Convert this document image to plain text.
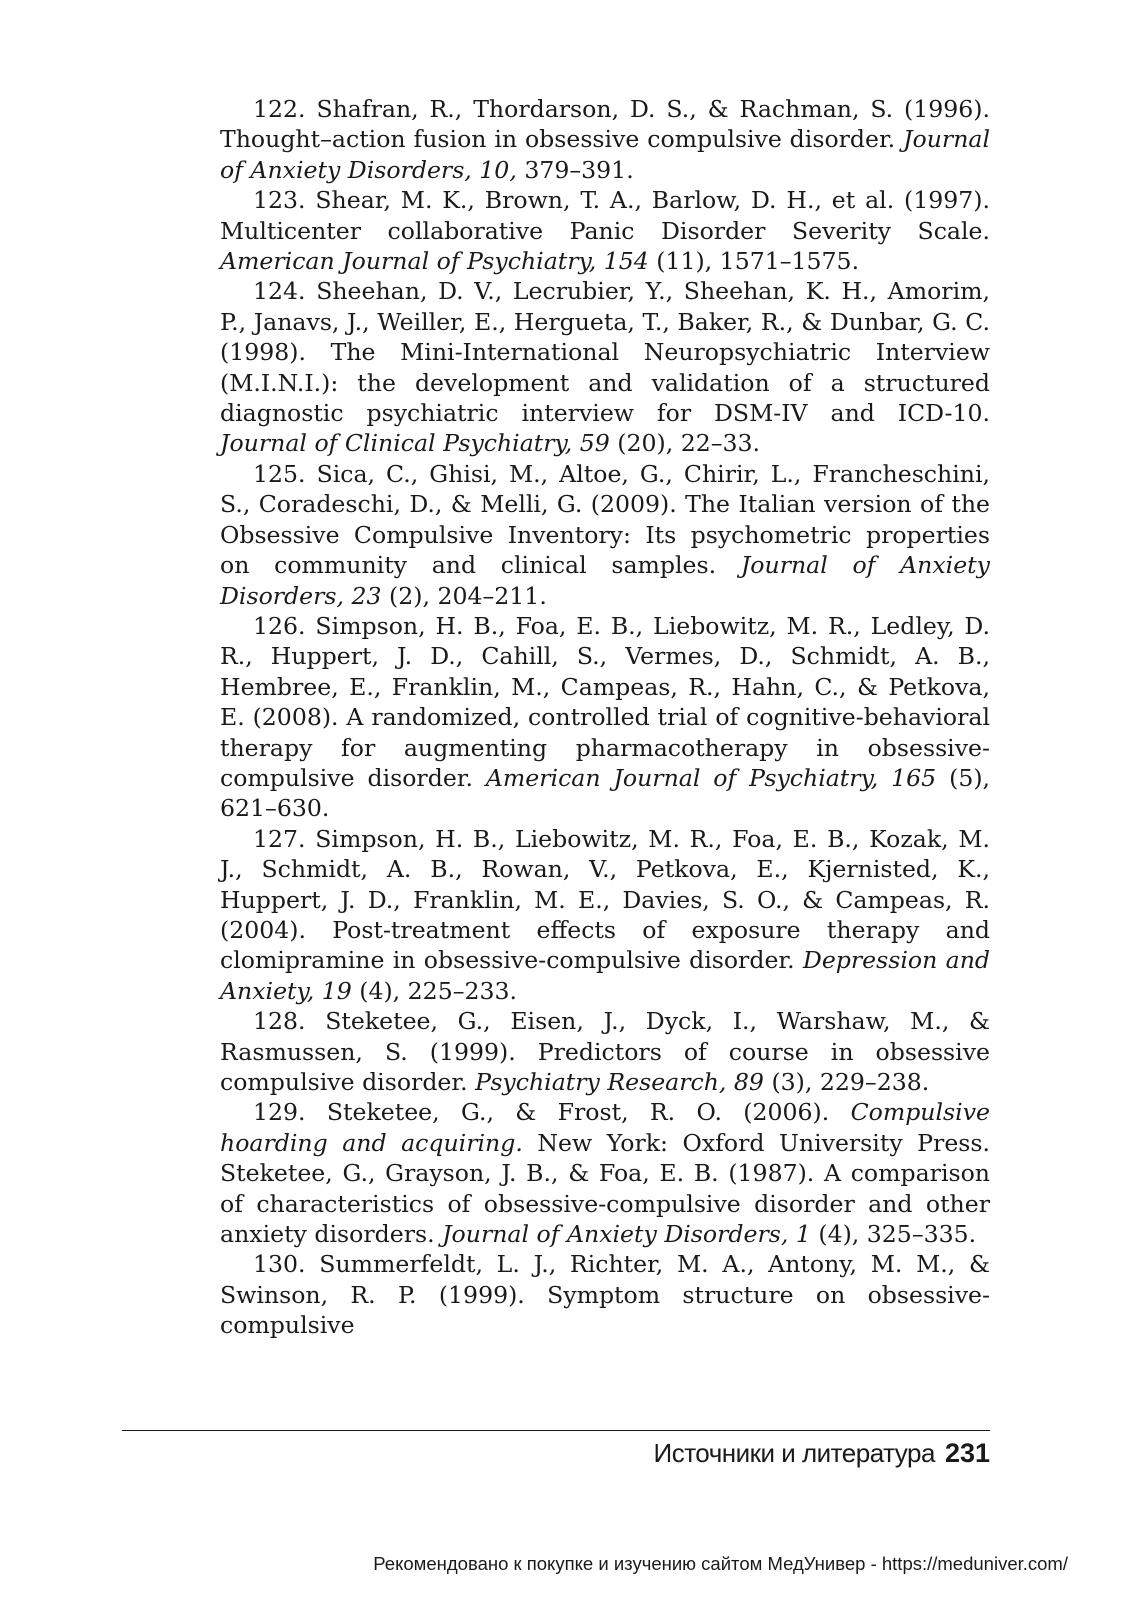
122. Shafran, R., Thordarson, D. S., & Rachman, S. (1996). Thought–action fusion in obsessive compulsive disorder. Journal of Anxiety Disorders, 10, 379–391.

123. Shear, M. K., Brown, T. A., Barlow, D. H., et al. (1997). Multicenter collaborative Panic Disorder Severity Scale. American Journal of Psychiatry, 154 (11), 1571–1575.

124. Sheehan, D. V., Lecrubier, Y., Sheehan, K. H., Amorim, P., Janavs, J., Weiller, E., Hergueta, T., Baker, R., & Dunbar, G. C. (1998). The Mini-International Neuropsychiatric Interview (M.I.N.I.): the development and validation of a structured diagnostic psychiatric interview for DSM-IV and ICD-10. Journal of Clinical Psychiatry, 59 (20), 22–33.

125. Sica, C., Ghisi, M., Altoe, G., Chirir, L., Francheschini, S., Coradeschi, D., & Melli, G. (2009). The Italian version of the Obsessive Compulsive Inventory: Its psychometric properties on community and clinical samples. Journal of Anxiety Disorders, 23 (2), 204–211.

126. Simpson, H. B., Foa, E. B., Liebowitz, M. R., Ledley, D. R., Huppert, J. D., Cahill, S., Vermes, D., Schmidt, A. B., Hembree, E., Franklin, M., Campeas, R., Hahn, C., & Petkova, E. (2008). A randomized, controlled trial of cognitive-behavioral therapy for augmenting pharmacotherapy in obsessive-compulsive disorder. American Journal of Psychiatry, 165 (5), 621–630.

127. Simpson, H. B., Liebowitz, M. R., Foa, E. B., Kozak, M. J., Schmidt, A. B., Rowan, V., Petkova, E., Kjernisted, K., Huppert, J. D., Franklin, M. E., Davies, S. O., & Campeas, R. (2004). Post-treatment effects of exposure therapy and clomipramine in obsessive-compulsive disorder. Depression and Anxiety, 19 (4), 225–233.

128. Steketee, G., Eisen, J., Dyck, I., Warshaw, M., & Rasmussen, S. (1999). Predictors of course in obsessive compulsive disorder. Psychiatry Research, 89 (3), 229–238.

129. Steketee, G., & Frost, R. O. (2006). Compulsive hoarding and acquiring. New York: Oxford University Press. Steketee, G., Grayson, J. B., & Foa, E. B. (1987). A comparison of characteristics of obsessive-compulsive disorder and other anxiety disorders. Journal of Anxiety Disorders, 1 (4), 325–335.

130. Summerfeldt, L. J., Richter, M. A., Antony, M. M., & Swinson, R. P. (1999). Symptom structure on obsessive-compulsive

Источники и литература 231
Рекомендовано к покупке и изучению сайтом МедУнивер - https://meduniver.com/
